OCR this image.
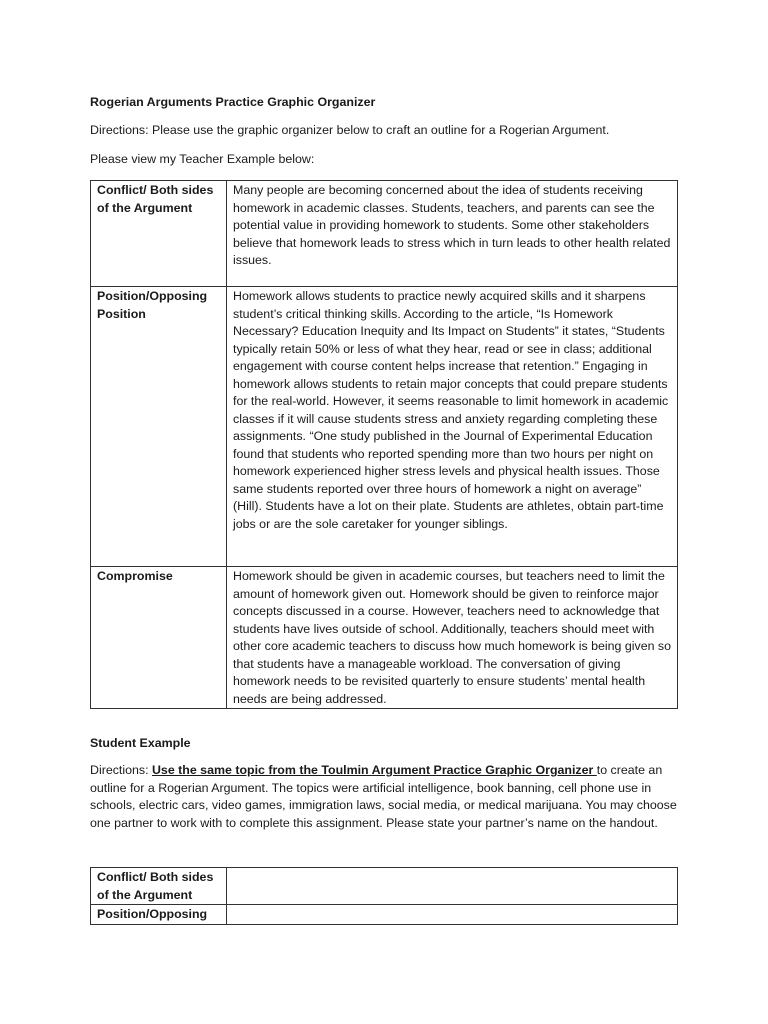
Rogerian Arguments Practice Graphic Organizer
Directions: Please use the graphic organizer below to craft an outline for a Rogerian Argument.
Please view my Teacher Example below:
Conflict/ Both sides of the Argument	Many people are becoming concerned about the idea of students receiving homework in academic classes. Students, teachers, and parents can see the potential value in providing homework to students. Some other stakeholders believe that homework leads to stress which in turn leads to other health related issues.
Position/Opposing Position	Homework allows students to practice newly acquired skills and it sharpens student’s critical thinking skills. According to the article, “Is Homework Necessary? Education Inequity and Its Impact on Students” it states, “Students typically retain 50% or less of what they hear, read or see in class; additional engagement with course content helps increase that retention.” Engaging in homework allows students to retain major concepts that could prepare students for the real-world. However, it seems reasonable to limit homework in academic classes if it will cause students stress and anxiety regarding completing these assignments. “One study published in the Journal of Experimental Education found that students who reported spending more than two hours per night on homework experienced higher stress levels and physical health issues. Those same students reported over three hours of homework a night on average” (Hill). Students have a lot on their plate. Students are athletes, obtain part-time jobs or are the sole caretaker for younger siblings.
Compromise	Homework should be given in academic courses, but teachers need to limit the amount of homework given out. Homework should be given to reinforce major concepts discussed in a course. However, teachers need to acknowledge that students have lives outside of school. Additionally, teachers should meet with other core academic teachers to discuss how much homework is being given so that students have a manageable workload. The conversation of giving homework needs to be revisited quarterly to ensure students’ mental health needs are being addressed.
Student Example
Directions: Use the same topic from the Toulmin Argument Practice Graphic Organizer to create an outline for a Rogerian Argument. The topics were artificial intelligence, book banning, cell phone use in schools, electric cars, video games, immigration laws, social media, or medical marijuana. You may choose one partner to work with to complete this assignment. Please state your partner’s name on the handout.
Conflict/ Both sides of the Argument	
Position/Opposing	
